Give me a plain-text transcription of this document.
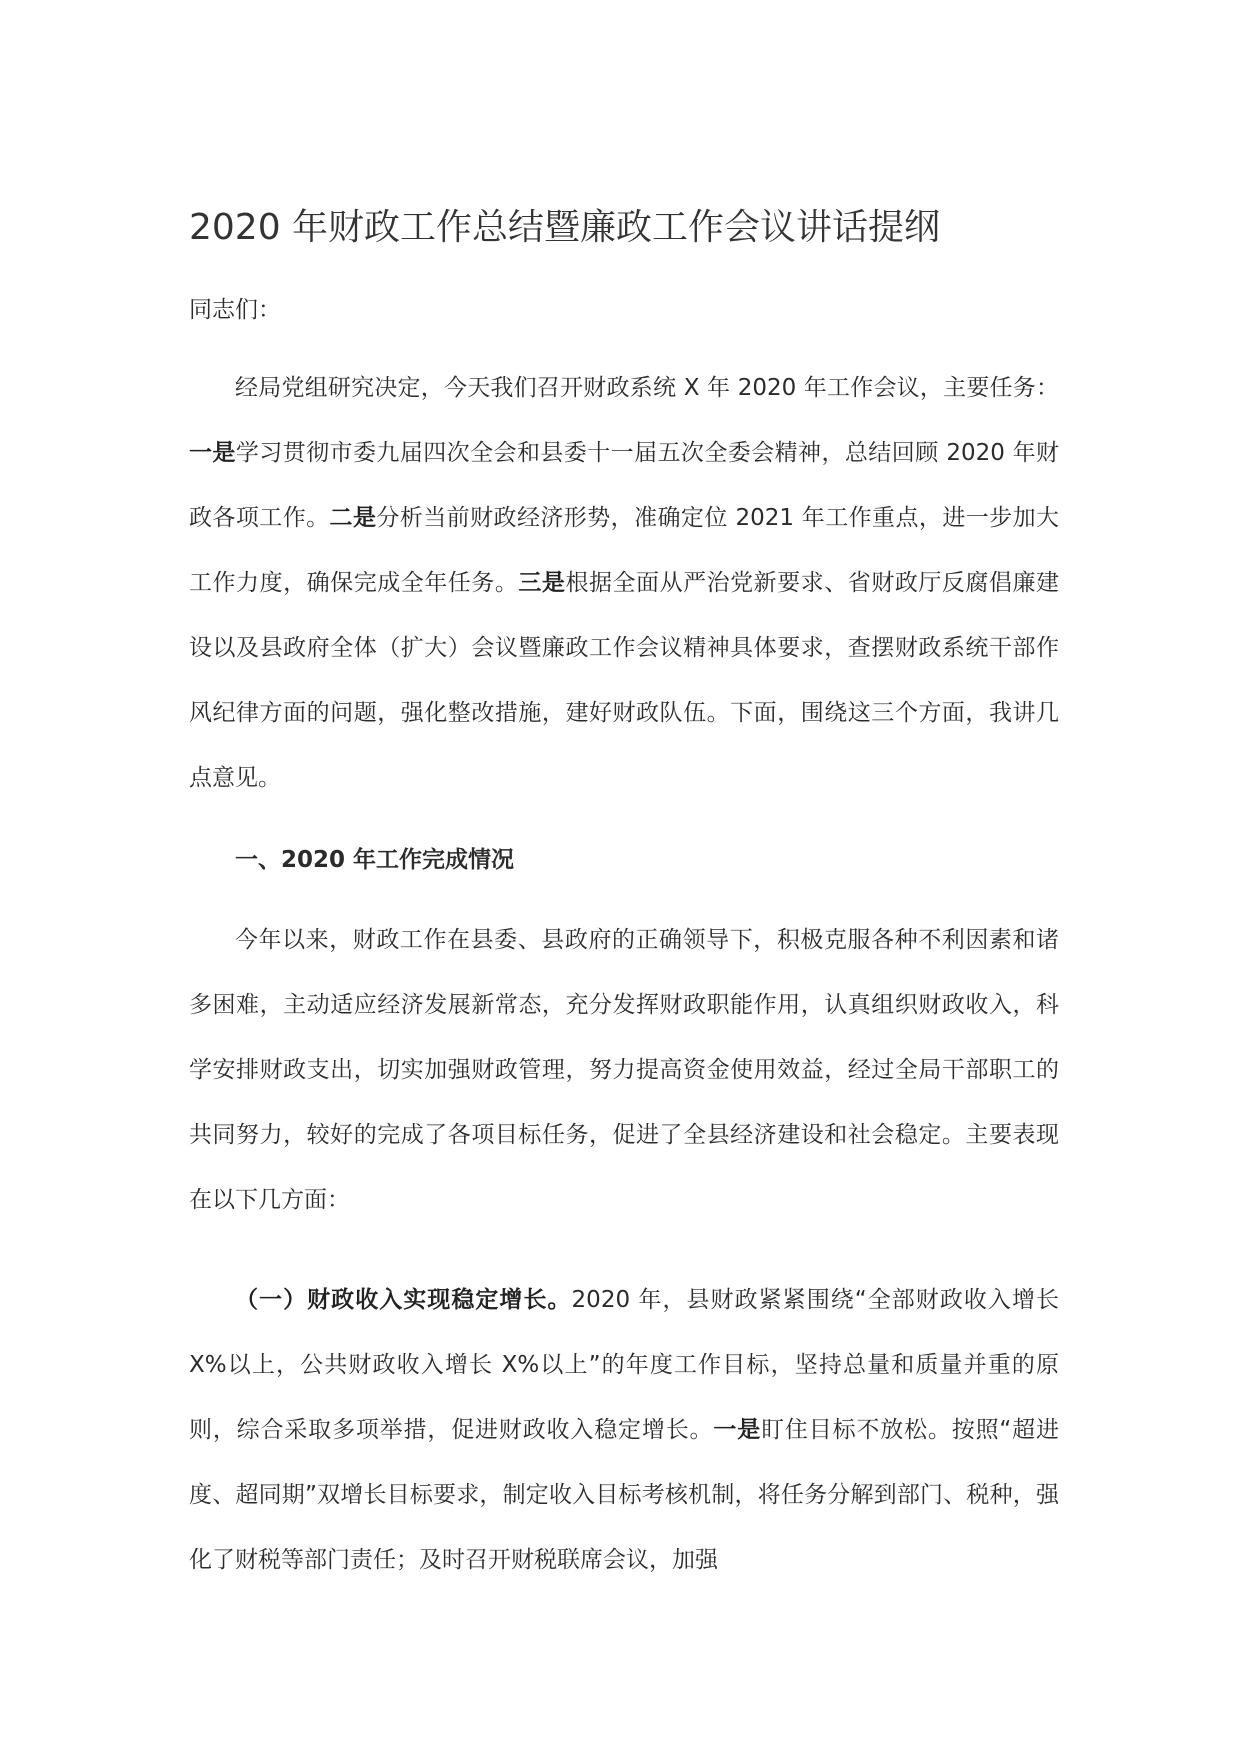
2020 年财政工作总结暨廉政工作会议讲话提纲

同志们：

经局党组研究决定，今天我们召开财政系统 X 年 2020 年工作会议，主要任务：一是学习贯彻市委九届四次全会和县委十一届五次全委会精神，总结回顾 2020 年财政各项工作。二是分析当前财政经济形势，准确定位 2021 年工作重点，进一步加大工作力度，确保完成全年任务。三是根据全面从严治党新要求、省财政厅反腐倡廉建设以及县政府全体（扩大）会议暨廉政工作会议精神具体要求，查摆财政系统干部作风纪律方面的问题，强化整改措施，建好财政队伍。下面，围绕这三个方面，我讲几点意见。

一、2020 年工作完成情况

今年以来，财政工作在县委、县政府的正确领导下，积极克服各种不利因素和诸多困难，主动适应经济发展新常态，充分发挥财政职能作用，认真组织财政收入，科学安排财政支出，切实加强财政管理，努力提高资金使用效益，经过全局干部职工的共同努力，较好的完成了各项目标任务，促进了全县经济建设和社会稳定。主要表现在以下几方面：

（一）财政收入实现稳定增长。2020 年，县财政紧紧围绕“全部财政收入增长 X%以上，公共财政收入增长 X%以上”的年度工作目标，坚持总量和质量并重的原则，综合采取多项举措，促进财政收入稳定增长。一是盯住目标不放松。按照“超进度、超同期”双增长目标要求，制定收入目标考核机制，将任务分解到部门、税种，强化了财税等部门责任；及时召开财税联席会议，加强
